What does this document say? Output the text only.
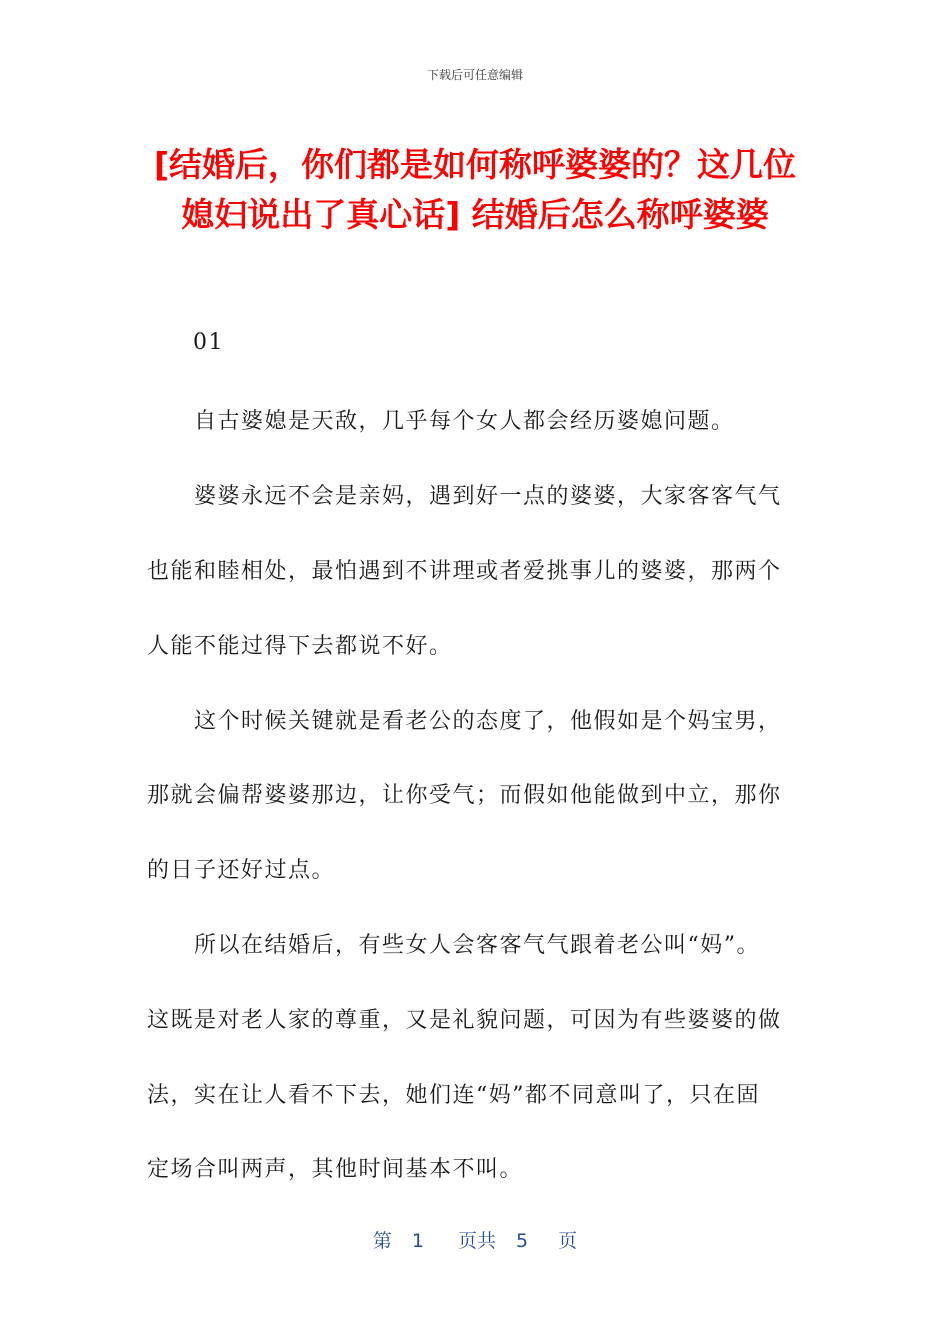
下载后可任意编辑
[结婚后，你们都是如何称呼婆婆的？这几位
媳妇说出了真心话] 结婚后怎么称呼婆婆

01

　　自古婆媳是天敌，几乎每个女人都会经历婆媳问题。

　　婆婆永远不会是亲妈，遇到好一点的婆婆，大家客客气气

也能和睦相处，最怕遇到不讲理或者爱挑事儿的婆婆，那两个

人能不能过得下去都说不好。

　　这个时候关键就是看老公的态度了，他假如是个妈宝男，

那就会偏帮婆婆那边，让你受气；而假如他能做到中立，那你

的日子还好过点。

　　所以在结婚后，有些女人会客客气气跟着老公叫“妈”。

这既是对老人家的尊重，又是礼貌问题，可因为有些婆婆的做

法，实在让人看不下去，她们连“妈”都不同意叫了，只在固

定场合叫两声，其他时间基本不叫。

第 1 页共 5 页
